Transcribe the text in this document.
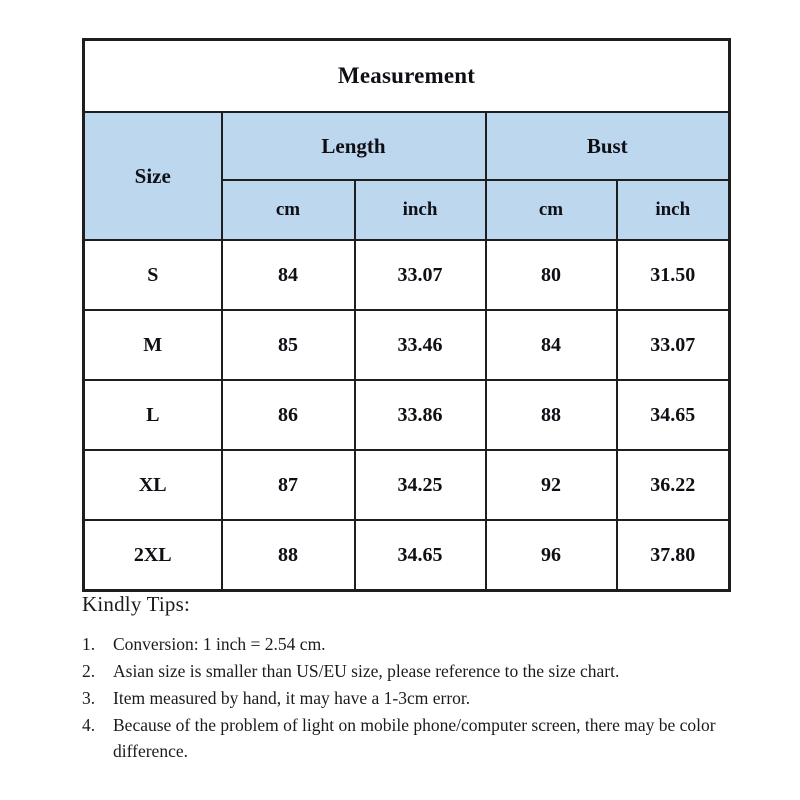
Measurement				
Size	Length		Bust	
	cm	inch	cm	inch
S	84	33.07	80	31.50
M	85	33.46	84	33.07
L	86	33.86	88	34.65
XL	87	34.25	92	36.22
2XL	88	34.65	96	37.80

Kindly Tips:

1.	Conversion: 1 inch = 2.54 cm.
2.	Asian size is smaller than US/EU size, please reference to the size chart.
3.	Item measured by hand, it may have a 1-3cm error.
4.	Because of the problem of light on mobile phone/computer screen, there may be color difference.
